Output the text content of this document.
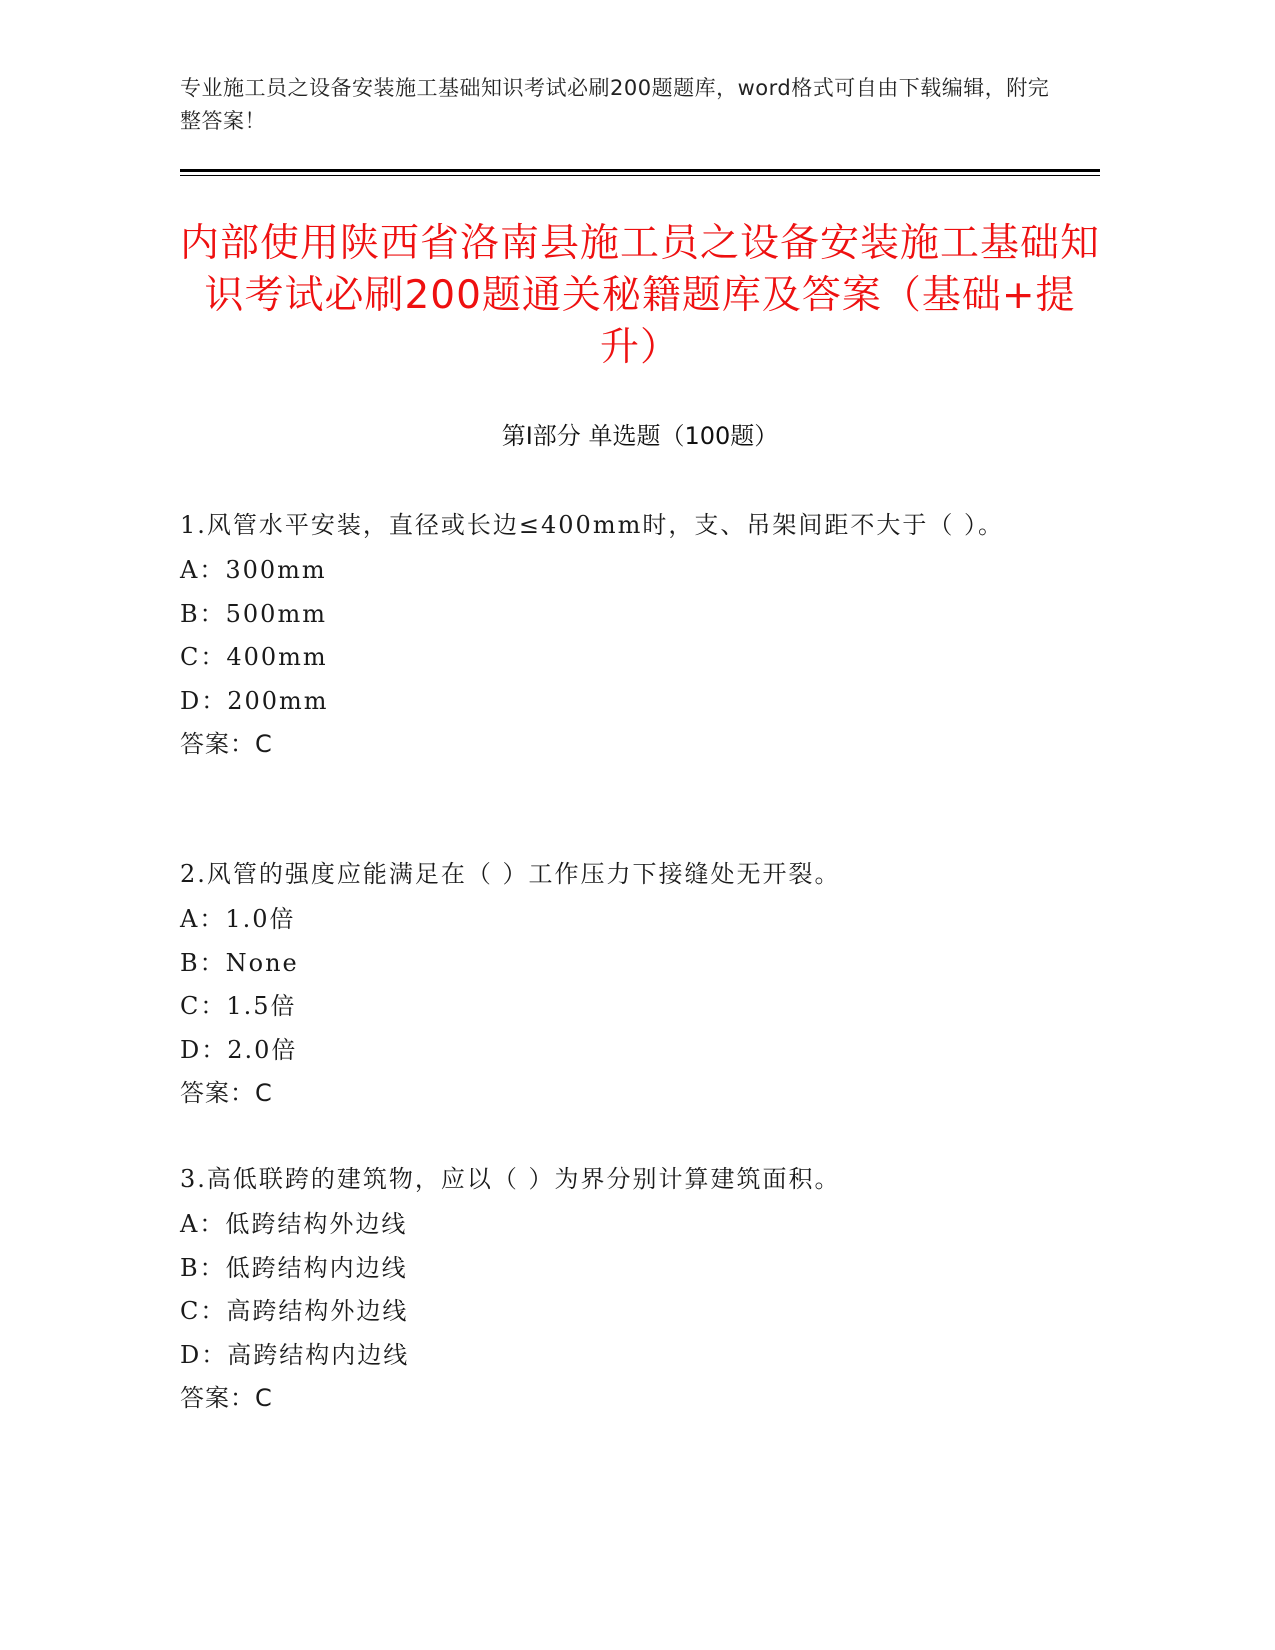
专业施工员之设备安装施工基础知识考试必刷200题题库，word格式可自由下载编辑，附完整答案！
内部使用陕西省洛南县施工员之设备安装施工基础知识考试必刷200题通关秘籍题库及答案（基础+提升）
第Ⅰ部分 单选题（100题）
1.风管水平安装，直径或长边≤400mm时，支、吊架间距不大于（ ）。
A：300mm
B：500mm
C：400mm
D：200mm
答案：C
2.风管的强度应能满足在（ ）工作压力下接缝处无开裂。
A：1.0倍
B：None
C：1.5倍
D：2.0倍
答案：C
3.高低联跨的建筑物，应以（ ）为界分别计算建筑面积。
A：低跨结构外边线
B：低跨结构内边线
C：高跨结构外边线
D：高跨结构内边线
答案：C
